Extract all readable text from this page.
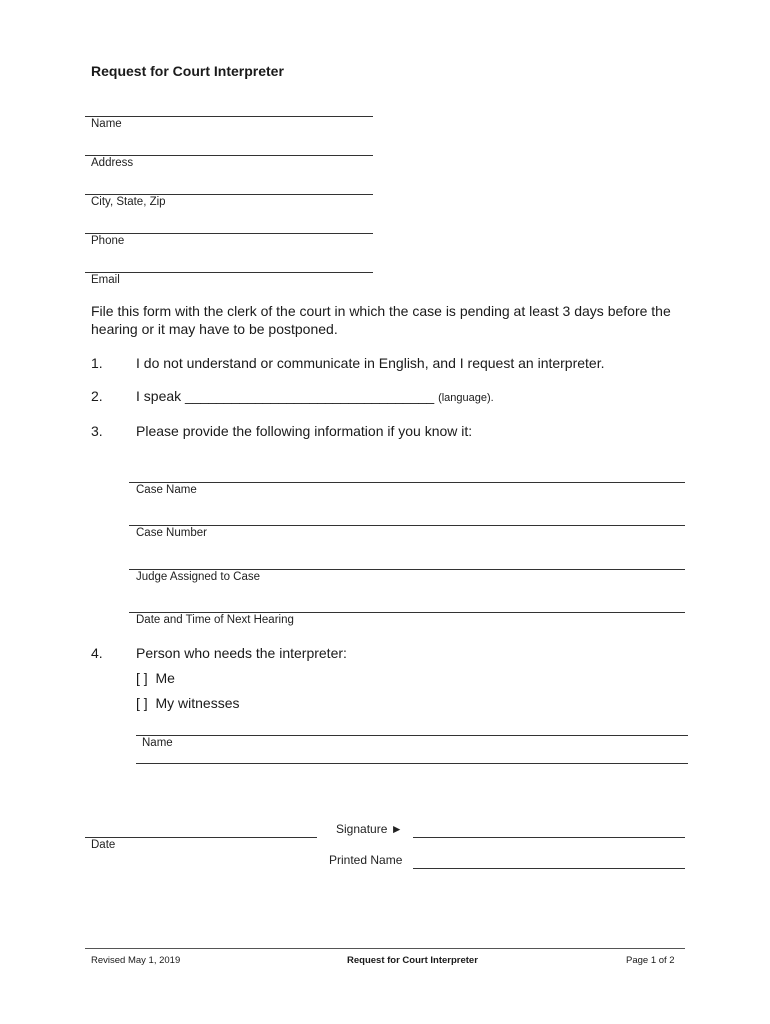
Request for Court Interpreter
Name
Address
City, State, Zip
Phone
Email
File this form with the clerk of the court in which the case is pending at least 3 days before the hearing or it may have to be postponed.
1. I do not understand or communicate in English, and I request an interpreter.
2. I speak ________________________________ (language).
3. Please provide the following information if you know it:
Case Name
Case Number
Judge Assigned to Case
Date and Time of Next Hearing
4. Person who needs the interpreter:
[ ] Me
[ ] My witnesses
Name
Date
Signature ►
Printed Name
Revised May 1, 2019	Request for Court Interpreter	Page 1 of 2
